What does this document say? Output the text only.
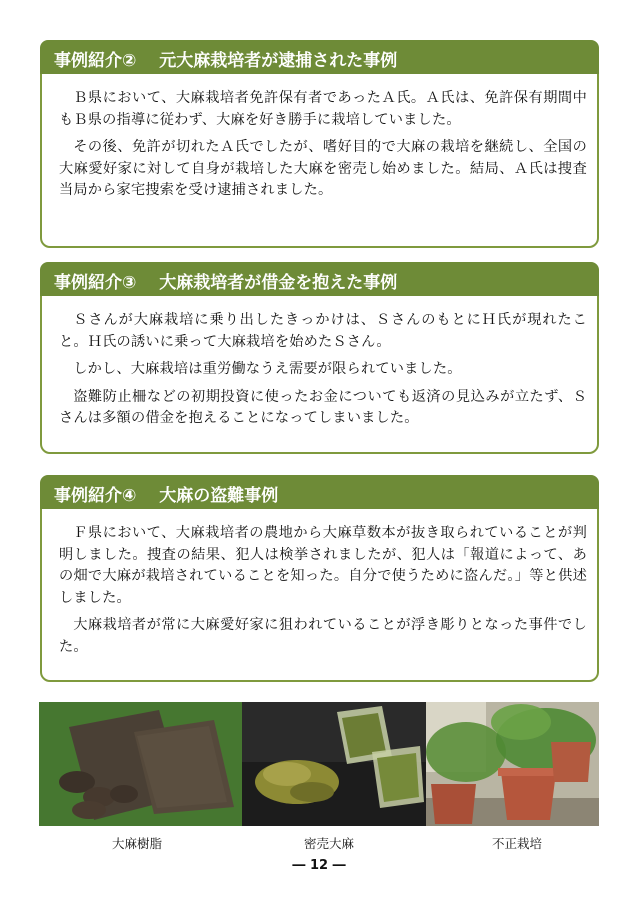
事例紹介②　 元大麻栽培者が逮捕された事例

Ｂ県において、大麻栽培者免許保有者であったＡ氏。Ａ氏は、免許保有期間中もＢ県の指導に従わず、大麻を好き勝手に栽培していました。

その後、免許が切れたＡ氏でしたが、嗜好目的で大麻の栽培を継続し、全国の大麻愛好家に対して自身が栽培した大麻を密売し始めました。結局、Ａ氏は捜査当局から家宅捜索を受け逮捕されました。

事例紹介③　 大麻栽培者が借金を抱えた事例

Ｓさんが大麻栽培に乗り出したきっかけは、ＳさんのもとにＨ氏が現れたこと。Ｈ氏の誘いに乗って大麻栽培を始めたＳさん。

しかし、大麻栽培は重労働なうえ需要が限られていました。

盗難防止柵などの初期投資に使ったお金についても返済の見込みが立たず、Ｓさんは多額の借金を抱えることになってしまいました。

事例紹介④　 大麻の盗難事例

Ｆ県において、大麻栽培者の農地から大麻草数本が抜き取られていることが判明しました。捜査の結果、犯人は検挙されましたが、犯人は「報道によって、あの畑で大麻が栽培されていることを知った。自分で使うために盗んだ。」等と供述しました。

大麻栽培者が常に大麻愛好家に狙われていることが浮き彫りとなった事件でした。

大麻樹脂	密売大麻	不正栽培
― 12 ―
